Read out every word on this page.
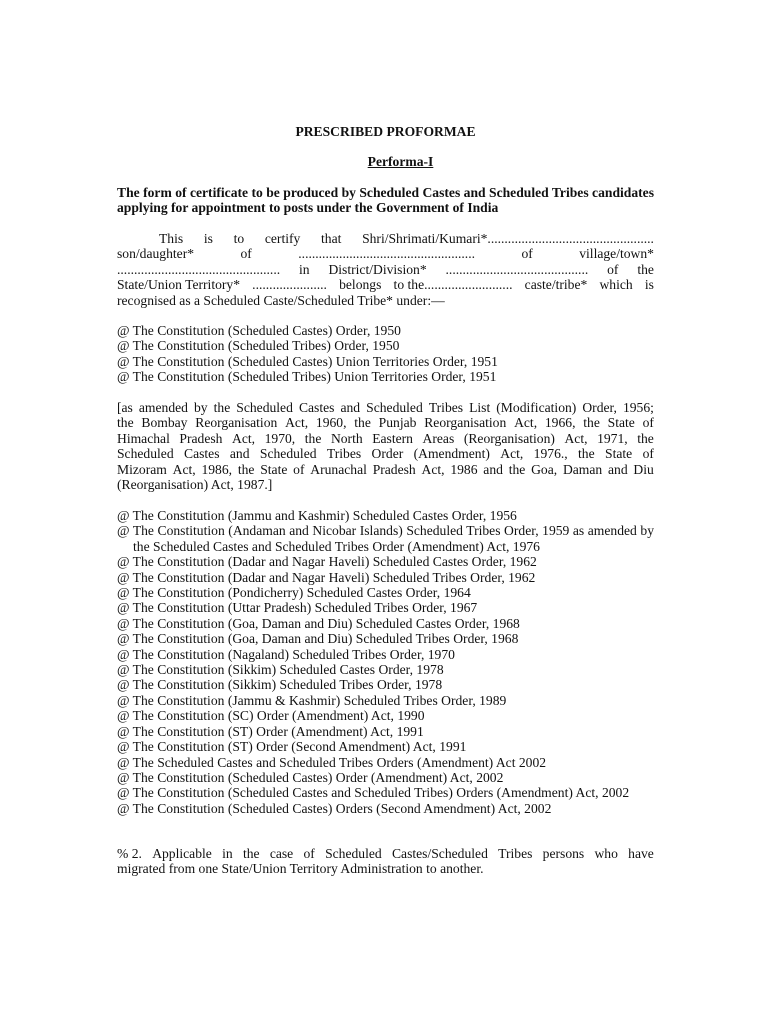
PRESCRIBED PROFORMAE
Performa-I
The form of certificate to be produced by Scheduled Castes and Scheduled Tribes candidates applying for appointment to posts under the Government of India
This is to certify that Shri/Shrimati/Kumari*.................................................
son/daughter*	of	....................................................	of	village/town*
................................................ in District/Division* .......................................... of the
State/Union Territory* ...................... belongs to the.......................... caste/tribe* which is
recognised as a Scheduled Caste/Scheduled Tribe* under:—
@ The Constitution (Scheduled Castes) Order, 1950
@ The Constitution (Scheduled Tribes) Order, 1950
@ The Constitution (Scheduled Castes) Union Territories Order, 1951
@ The Constitution (Scheduled Tribes) Union Territories Order, 1951
[as amended by the Scheduled Castes and Scheduled Tribes List (Modification) Order, 1956;
the Bombay Reorganisation Act, 1960, the Punjab Reorganisation Act, 1966, the State of
Himachal Pradesh Act, 1970, the North Eastern Areas (Reorganisation) Act, 1971, the
Scheduled Castes and Scheduled Tribes Order (Amendment) Act, 1976., the State of
Mizoram Act, 1986, the State of Arunachal Pradesh Act, 1986 and the Goa, Daman and Diu
(Reorganisation) Act, 1987.]
@ The Constitution (Jammu and Kashmir) Scheduled Castes Order, 1956
@ The Constitution (Andaman and Nicobar Islands) Scheduled Tribes Order, 1959 as amended by the Scheduled Castes and Scheduled Tribes Order (Amendment) Act, 1976
@ The Constitution (Dadar and Nagar Haveli) Scheduled Castes Order, 1962
@ The Constitution (Dadar and Nagar Haveli) Scheduled Tribes Order, 1962
@ The Constitution (Pondicherry) Scheduled Castes Order, 1964
@ The Constitution (Uttar Pradesh) Scheduled Tribes Order, 1967
@ The Constitution (Goa, Daman and Diu) Scheduled Castes Order, 1968
@ The Constitution (Goa, Daman and Diu) Scheduled Tribes Order, 1968
@ The Constitution (Nagaland) Scheduled Tribes Order, 1970
@ The Constitution (Sikkim) Scheduled Castes Order, 1978
@ The Constitution (Sikkim) Scheduled Tribes Order, 1978
@ The Constitution (Jammu & Kashmir) Scheduled Tribes Order, 1989
@ The Constitution (SC) Order (Amendment) Act, 1990
@ The Constitution (ST) Order (Amendment) Act, 1991
@ The Constitution (ST) Order (Second Amendment) Act, 1991
@ The Scheduled Castes and Scheduled Tribes Orders (Amendment) Act 2002
@ The Constitution (Scheduled Castes) Order (Amendment) Act, 2002
@ The Constitution (Scheduled Castes and Scheduled Tribes) Orders (Amendment) Act, 2002
@ The Constitution (Scheduled Castes) Orders (Second Amendment) Act, 2002
% 2. Applicable in the case of Scheduled Castes/Scheduled Tribes persons who have
migrated from one State/Union Territory Administration to another.
